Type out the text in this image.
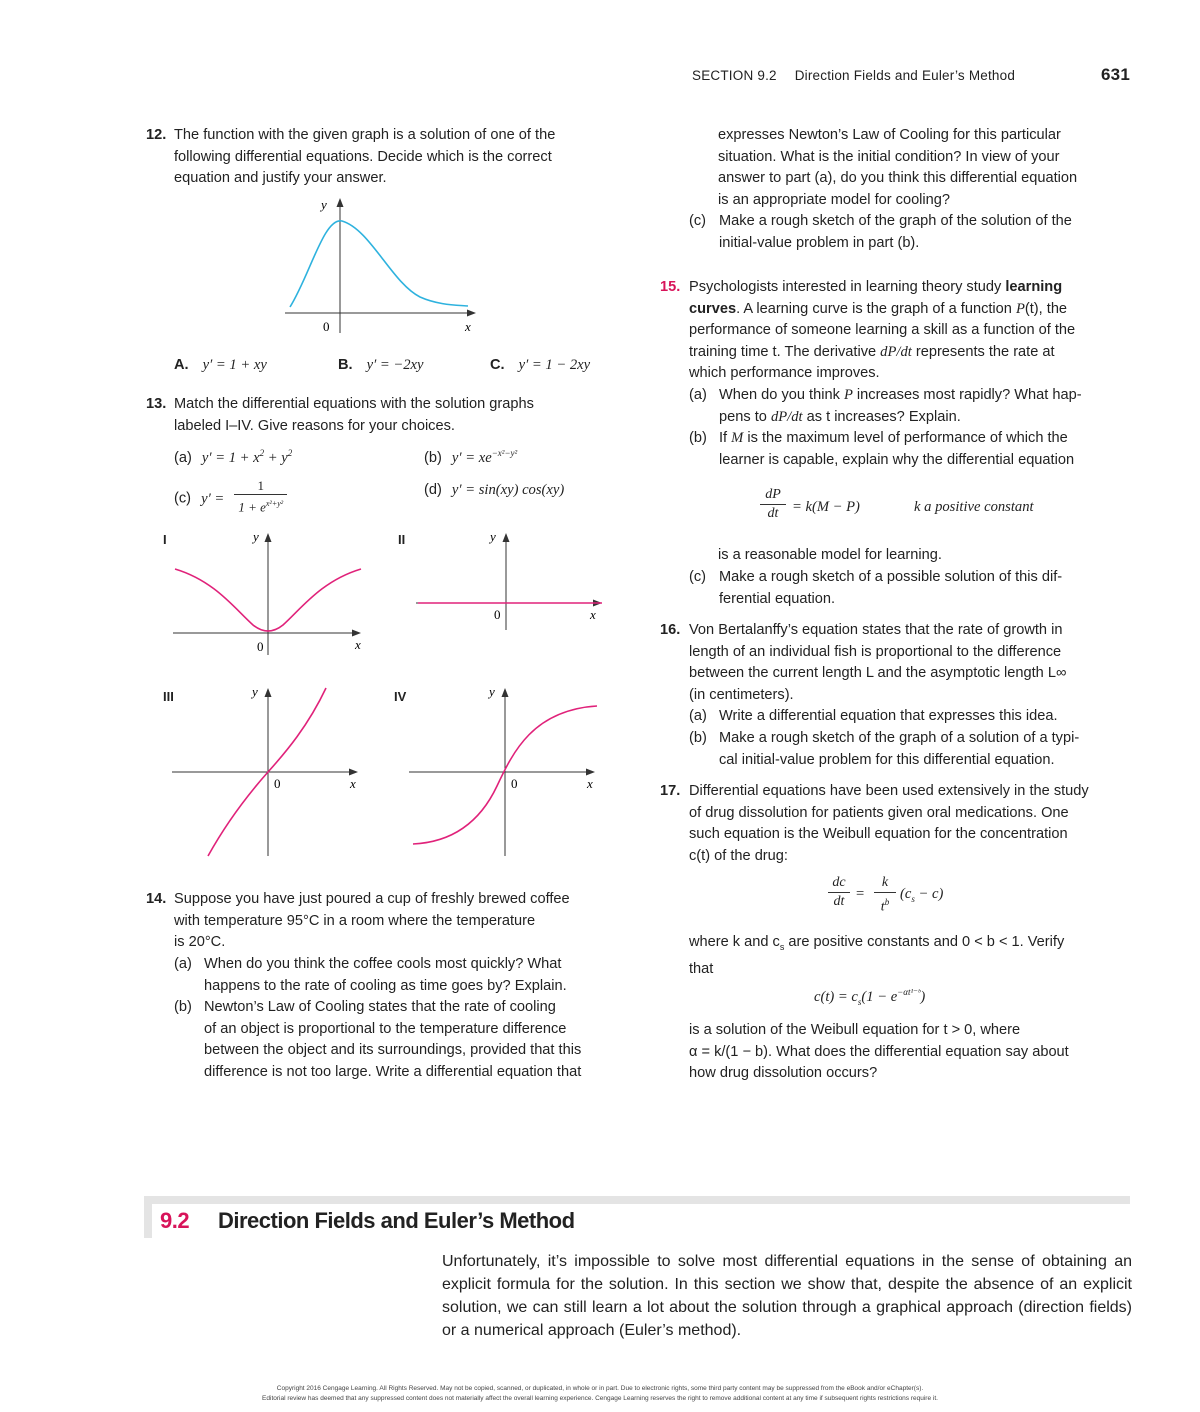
SECTION 9.2 Direction Fields and Euler’s Method	631
12. The function with the given graph is a solution of one of the
following differential equations. Decide which is the correct
equation and justify your answer.
y
0	x
A. y′ = 1 + xy	B. y′ = −2xy	C. y′ = 1 − 2xy
13. Match the differential equations with the solution graphs
labeled I–IV. Give reasons for your choices.
(a) $y' = 1 + x^2 + y^2$	(b) $y' = xe^{-x^2-y^2}$
(c) $y' = \frac{1}{1 + e^{x^2+y^2}}$	(d) y′ = sin(xy) cos(xy)
I	y
0	x
II	y
0	x
III	y
0	x
IV	y
0	x
14. Suppose you have just poured a cup of freshly brewed coffee
with temperature 95°C in a room where the temperature
is 20°C.
(a) When do you think the coffee cools most quickly? What
happens to the rate of cooling as time goes by? Explain.
(b) Newton’s Law of Cooling states that the rate of cooling
of an object is proportional to the temperature difference
between the object and its surroundings, provided that this
difference is not too large. Write a differential equation that
expresses Newton’s Law of Cooling for this particular
situation. What is the initial condition? In view of your
answer to part (a), do you think this differential equation
is an appropriate model for cooling?
(c) Make a rough sketch of the graph of the solution of the
initial-value problem in part (b).
15. Psychologists interested in learning theory study learning
curves. A learning curve is the graph of a function P(t), the
performance of someone learning a skill as a function of the
training time t. The derivative dP/dt represents the rate at
which performance improves.
(a) When do you think P increases most rapidly? What hap-
pens to dP/dt as t increases? Explain.
(b) If M is the maximum level of performance of which the
learner is capable, explain why the differential equation
$\frac{dP}{dt} = k(M - P)$	k a positive constant
is a reasonable model for learning.
(c) Make a rough sketch of a possible solution of this dif-
ferential equation.
16. Von Bertalanffy’s equation states that the rate of growth in
length of an individual fish is proportional to the difference
between the current length L and the asymptotic length L∞
(in centimeters).
(a) Write a differential equation that expresses this idea.
(b) Make a rough sketch of the graph of a solution of a typi-
cal initial-value problem for this differential equation.
17. Differential equations have been used extensively in the study
of drug dissolution for patients given oral medications. One
such equation is the Weibull equation for the concentration
c(t) of the drug:
$\frac{dc}{dt} = \frac{k}{t^b} (c_s - c)$
where k and $c_s$ are positive constants and 0 < b < 1. Verify
that
$c(t) = c_s(1 - e^{-\alpha t^{1-}ᵇ})$
is a solution of the Weibull equation for t > 0, where
α = k/(1 − b). What does the differential equation say about
how drug dissolution occurs?
9.2 Direction Fields and Euler’s Method
Unfortunately, it’s impossible to solve most differential equations in the sense of obtaining an explicit formula for the solution. In this section we show that, despite the absence of an explicit solution, we can still learn a lot about the solution through a graphical approach (direction fields) or a numerical approach (Euler’s method).
Copyright 2016 Cengage Learning. All Rights Reserved. May not be copied, scanned, or duplicated, in whole or in part. Due to electronic rights, some third party content may be suppressed from the eBook and/or eChapter(s).
Editorial review has deemed that any suppressed content does not materially affect the overall learning experience. Cengage Learning reserves the right to remove additional content at any time if subsequent rights restrictions require it.
